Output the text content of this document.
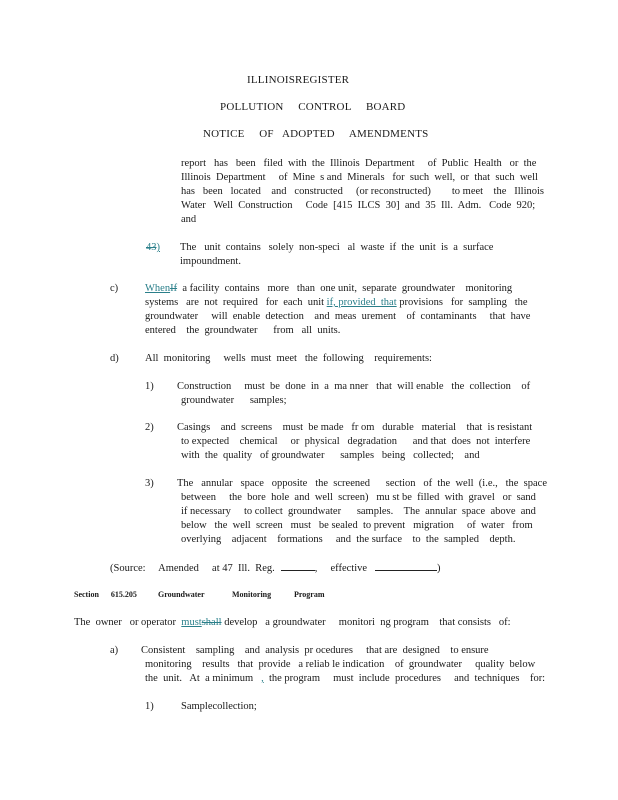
ILLINOISREGISTER
POLLUTION     CONTROL     BOARD
NOTICE     OF   ADOPTED     AMENDMENTS
report   has   been   filed  with  the  Illinois  Department     of  Public  Health   or  the
Illinois  Department     of  Mine  s and  Minerals   for  such  well,  or  that  such  well
has   been   located    and   constructed     (or reconstructed)        to meet    the   Illinois
Water   Well  Construction     Code  [415  ILCS  30]  and  35  Ill.  Adm.   Code  920;
and
43) The   unit  contains   solely  non-speci   al  waste  if  the  unit  is  a  surface
impoundment.
c)	WhenIf  a facility  contains   more   than  one unit,  separate  groundwater    monitoring
systems   are  not  required   for  each  unit if, provided  that provisions   for  sampling   the
groundwater     will  enable  detection    and  meas  urement    of  contaminants     that  have
entered    the  groundwater      from   all  units.
d)	All  monitoring     wells  must  meet   the  following    requirements:
1) Construction     must  be  done  in  a  ma nner   that  will enable   the  collection    of
groundwater      samples;
2) Casings    and  screens    must  be made   fr om   durable   material    that  is resistant
to expected    chemical     or  physical   degradation      and that  does  not  interfere
with  the  quality   of groundwater      samples   being   collected;    and
3) The   annular   space   opposite   the  screened      section   of  the  well  (i.e.,   the  space
between     the  bore  hole  and  well  screen)   mu st be  filled  with  gravel   or  sand
if necessary     to collect  groundwater      samples.    The  annular  space  above  and
below   the  well  screen   must   be sealed  to prevent   migration     of  water   from
overlying    adjacent    formations     and  the surface    to  the  sampled    depth.
(Source:     Amended     at 47  Ill.  Reg.	,     effective	)
Section      615.205	Groundwater	Monitoring	Program
The  owner   or operator  mustshall develop   a groundwater     monitori  ng program    that consists   of:
a) Consistent    sampling    and  analysis  pr ocedures     that are  designed    to ensure
monitoring    results   that  provide   a reliab le indication    of  groundwater     quality  below
the  unit.   At  a minimum   ,  the program     must  include  procedures     and  techniques    for:
1)	Samplecollection;
